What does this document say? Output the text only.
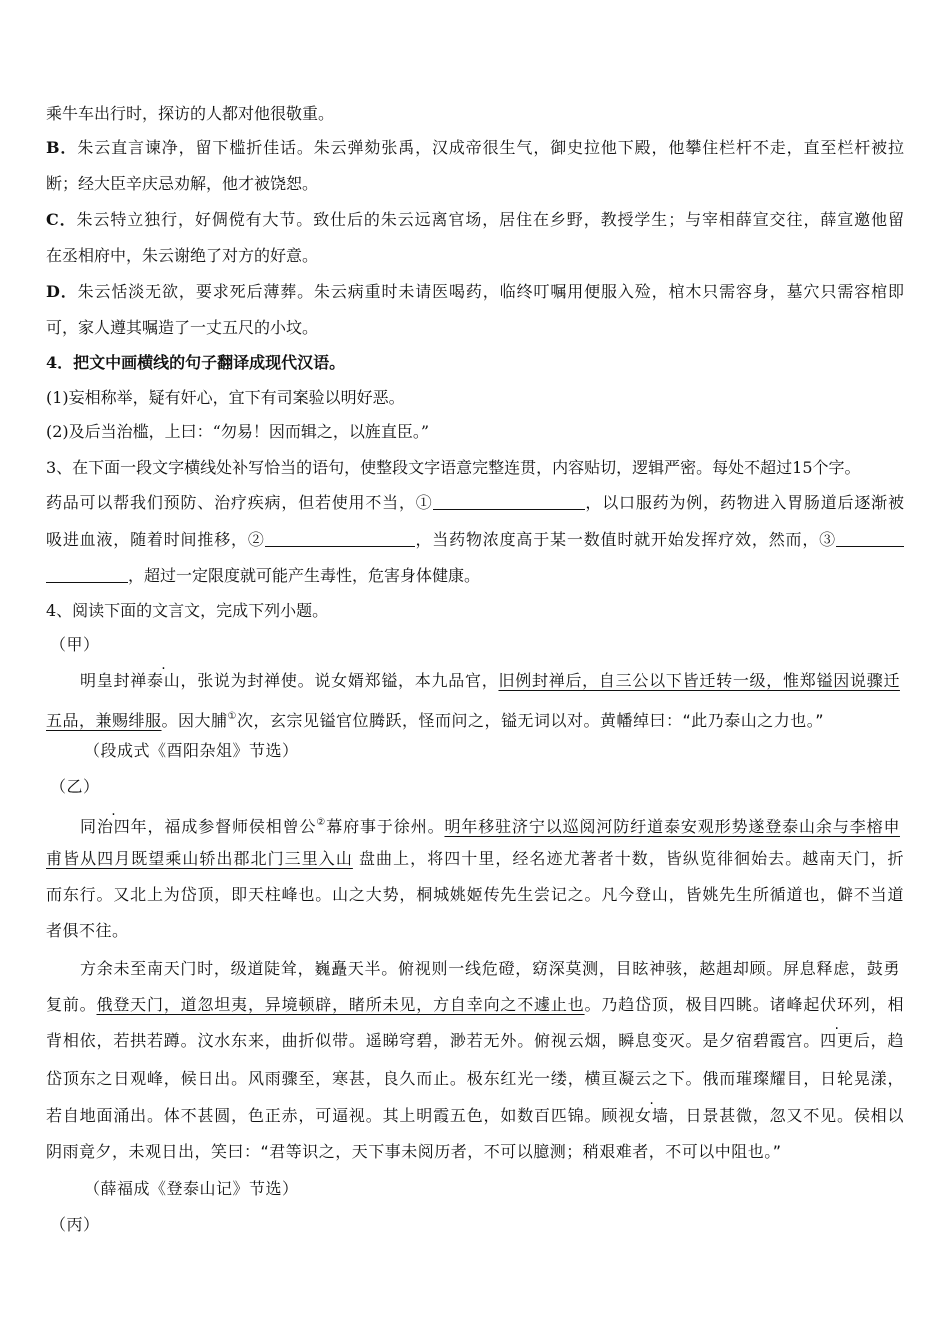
乘牛车出行时，探访的人都对他很敬重。
B．朱云直言谏净，留下槛折佳话。朱云弹劾张禹，汉成帝很生气，御史拉他下殿，他攀住栏杆不走，直至栏杆被拉
断；经大臣辛庆忌劝解，他才被饶恕。
C．朱云特立独行，好倜傥有大节。致仕后的朱云远离官场，居住在乡野，教授学生；与宰相薛宣交往，薛宣邀他留
在丞相府中，朱云谢绝了对方的好意。
D．朱云恬淡无欲，要求死后薄葬。朱云病重时未请医喝药，临终叮嘱用便服入殓，棺木只需容身，墓穴只需容棺即
可，家人遵其嘱造了一丈五尺的小坟。
4．把文中画横线的句子翻译成现代汉语。
(1)妄相称举，疑有奸心，宜下有司案验以明好恶。
(2)及后当治槛，上曰：“勿易！因而辑之，以旌直臣。”
3、在下面一段文字横线处补写恰当的语句，使整段文字语意完整连贯，内容贴切，逻辑严密。每处不超过15个字。
药品可以帮我们预防、治疗疾病，但若使用不当，①	，以口服药为例，药物进入胃肠道后逐渐被
吸进血液，随着时间推移，②	，当药物浓度高于某一数值时就开始发挥疗效，然而，③
，超过一定限度就可能产生毒性，危害身体健康。
4、阅读下面的文言文，完成下列小题。
（甲）
明皇封禅泰山，张说为封禅使。说女婿郑镒，本九品官，旧例封禅后，自三公以下皆迁转一级，惟郑镒因说骤迁
五品，兼赐绯服。因大脯①次，玄宗见镒官位腾跃，怪而问之，镒无词以对。黄幡绰曰：“此乃泰山之力也。”
（段成式《酉阳杂俎》节选）
（乙）
同治四年，福成参督师侯相曾公②幕府事于徐州。明年移驻济宁以巡阅河防纡道泰安观形势遂登泰山余与李榕申
甫皆从四月既望乘山轿出郡北门三里入山 盘曲上，将四十里，经名迹尤著者十数，皆纵览徘徊始去。越南天门，折
而东行。又北上为岱顶，即天柱峰也。山之大势，桐城姚姬传先生尝记之。凡今登山，皆姚先生所循道也，僻不当道
者俱不往。
方余未至南天门时，级道陡耸，巍矗天半。俯视则一线危磴，窈深莫测，目眩神骇，趑趄却顾。屏息释虑，鼓勇
复前。俄登天门，道忽坦夷，异境顿辟，睹所未见，方自幸向之不遽止也。乃趋岱顶，极目四眺。诸峰起伏环列，相
背相依，若拱若蹲。汶水东来，曲折似带。遥睇穹碧，渺若无外。俯视云烟，瞬息变灭。是夕宿碧霞宫。四更后，趋
岱顶东之日观峰，候日出。风雨骤至，寒甚，良久而止。极东红光一缕，横亘凝云之下。俄而璀璨耀目，日轮晃漾，
若自地面涌出。体不甚圆，色正赤，可逼视。其上明霞五色，如数百匹锦。顾视女墙，日景甚微，忽又不见。侯相以
阴雨竟夕，未观日出，笑曰：“君等识之，天下事未阅历者，不可以臆测；稍艰难者，不可以中阻也。”
（薛福成《登泰山记》节选）
（丙）
